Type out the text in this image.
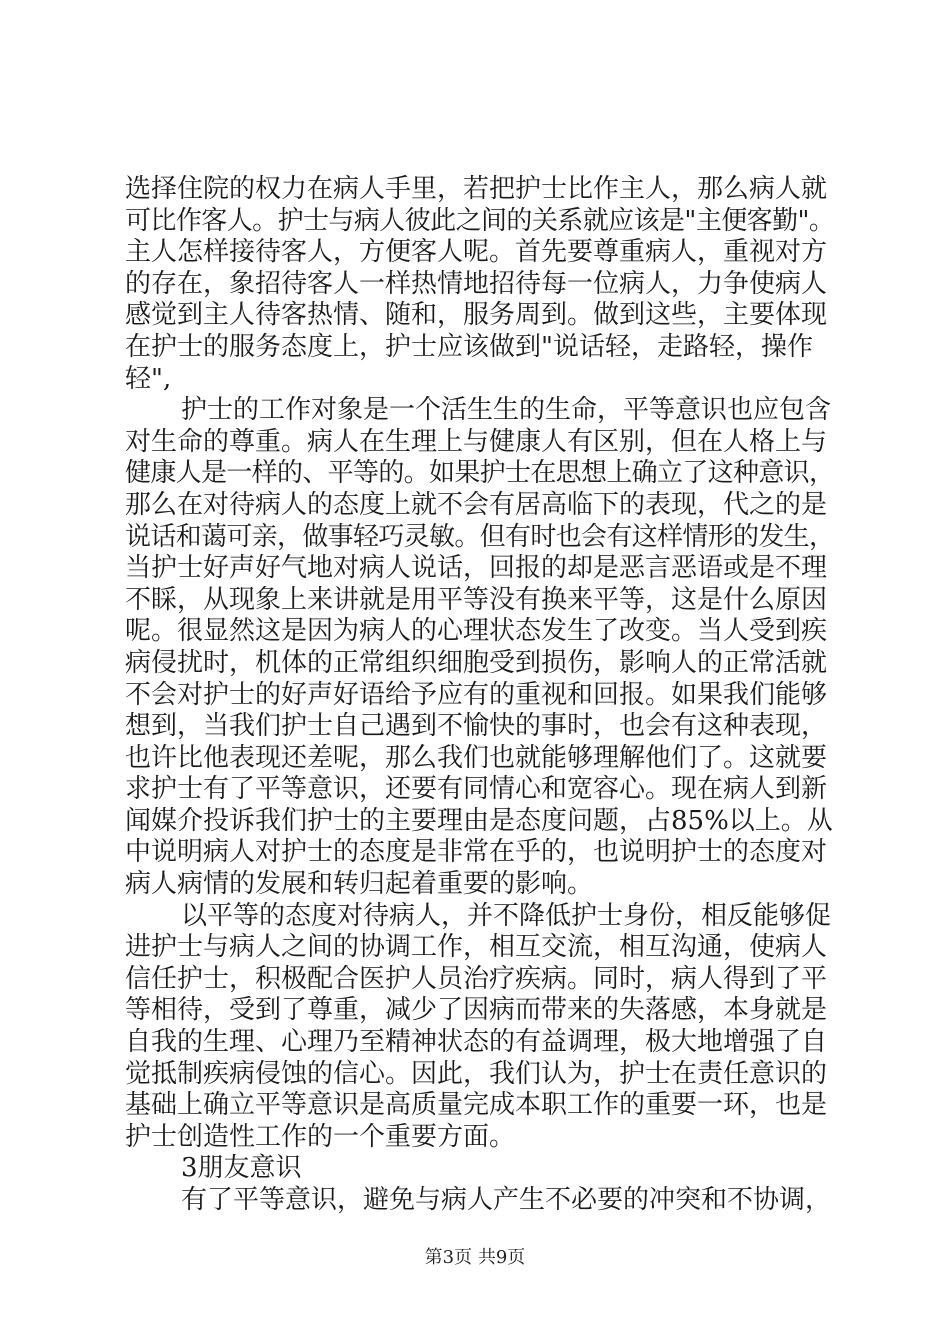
选择住院的权力在病人手里，若把护士比作主人，那么病人就
可比作客人。护士与病人彼此之间的关系就应该是"主便客勤"。
主人怎样接待客人，方便客人呢。首先要尊重病人，重视对方
的存在，象招待客人一样热情地招待每一位病人，力争使病人
感觉到主人待客热情、随和，服务周到。做到这些，主要体现
在护士的服务态度上，护士应该做到"说话轻，走路轻，操作
轻",
护士的工作对象是一个活生生的生命，平等意识也应包含
对生命的尊重。病人在生理上与健康人有区别，但在人格上与
健康人是一样的、平等的。如果护士在思想上确立了这种意识，
那么在对待病人的态度上就不会有居高临下的表现，代之的是
说话和蔼可亲，做事轻巧灵敏。但有时也会有这样情形的发生，
当护士好声好气地对病人说话，回报的却是恶言恶语或是不理
不睬，从现象上来讲就是用平等没有换来平等，这是什么原因
呢。很显然这是因为病人的心理状态发生了改变。当人受到疾
病侵扰时，机体的正常组织细胞受到损伤，影响人的正常活就
不会对护士的好声好语给予应有的重视和回报。如果我们能够
想到，当我们护士自己遇到不愉快的事时，也会有这种表现，
也许比他表现还差呢，那么我们也就能够理解他们了。这就要
求护士有了平等意识，还要有同情心和宽容心。现在病人到新
闻媒介投诉我们护士的主要理由是态度问题，占85%以上。从
中说明病人对护士的态度是非常在乎的，也说明护士的态度对
病人病情的发展和转归起着重要的影响。
以平等的态度对待病人，并不降低护士身份，相反能够促
进护士与病人之间的协调工作，相互交流，相互沟通，使病人
信任护士，积极配合医护人员治疗疾病。同时，病人得到了平
等相待，受到了尊重，减少了因病而带来的失落感，本身就是
自我的生理、心理乃至精神状态的有益调理，极大地增强了自
觉抵制疾病侵蚀的信心。因此，我们认为，护士在责任意识的
基础上确立平等意识是高质量完成本职工作的重要一环，也是
护士创造性工作的一个重要方面。
3朋友意识
有了平等意识，避免与病人产生不必要的冲突和不协调，
第3页 共9页
